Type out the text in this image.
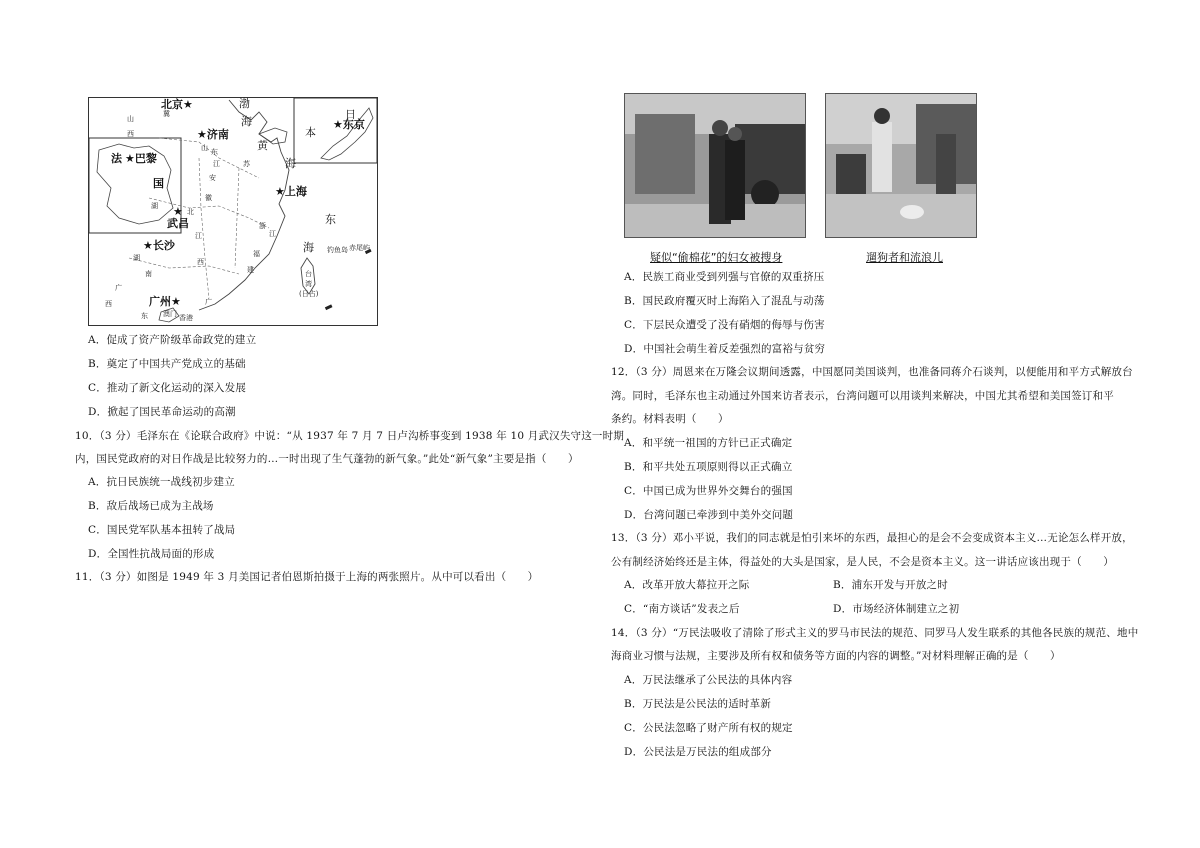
北京★	渤
海
日
本
★东京
★济南
法 ★巴黎
国
黄
海
★上海
★
武昌
★长沙
东
海
广州★
山
西
冀
山 东
苏
江
安
徽
湖
北
江
浙
江
福
建
湖
南
西
广
西
东
广
台
湾
(日占)
钓鱼岛 赤尾屿
澳门 香港
A．促成了资产阶级革命政党的建立
B．奠定了中国共产党成立的基础
C．推动了新文化运动的深入发展
D．掀起了国民革命运动的高潮
10．（3 分）毛泽东在《论联合政府》中说：“从 1937 年 7 月 7 日卢沟桥事变到 1938 年 10 月武汉失守这一时期
内，国民党政府的对日作战是比较努力的…一时出现了生气蓬勃的新气象。”此处“新气象”主要是指（　　）
A．抗日民族统一战线初步建立
B．敌后战场已成为主战场
C．国民党军队基本扭转了战局
D．全国性抗战局面的形成
11．（3 分）如图是 1949 年 3 月美国记者伯恩斯拍摄于上海的两张照片。从中可以看出（　　）
疑似“偷棉花”的妇女被搜身	遛狗者和流浪儿
A．民族工商业受到列强与官僚的双重挤压
B．国民政府覆灭时上海陷入了混乱与动荡
C．下层民众遭受了没有硝烟的侮辱与伤害
D．中国社会萌生着反差强烈的富裕与贫穷
12．（3 分）周恩来在万隆会议期间透露，中国愿同美国谈判，也准备同蒋介石谈判，以便能用和平方式解放台
湾。同时，毛泽东也主动通过外国来访者表示，台湾问题可以用谈判来解决，中国尤其希望和美国签订和平
条约。材料表明（　　）
A．和平统一祖国的方针已正式确定
B．和平共处五项原则得以正式确立
C．中国已成为世界外交舞台的强国
D．台湾问题已牵涉到中美外交问题
13．（3 分）邓小平说，我们的同志就是怕引来坏的东西，最担心的是会不会变成资本主义…无论怎么样开放，
公有制经济始终还是主体，得益处的大头是国家，是人民，不会是资本主义。这一讲话应该出现于（　　）
A．改革开放大幕拉开之际	B．浦东开发与开放之时
C．“南方谈话”发表之后	D．市场经济体制建立之初
14．（3 分）“万民法吸收了清除了形式主义的罗马市民法的规范、同罗马人发生联系的其他各民族的规范、地中
海商业习惯与法规，主要涉及所有权和债务等方面的内容的调整。”对材料理解正确的是（　　）
A．万民法继承了公民法的具体内容
B．万民法是公民法的适时革新
C．公民法忽略了财产所有权的规定
D．公民法是万民法的组成部分
